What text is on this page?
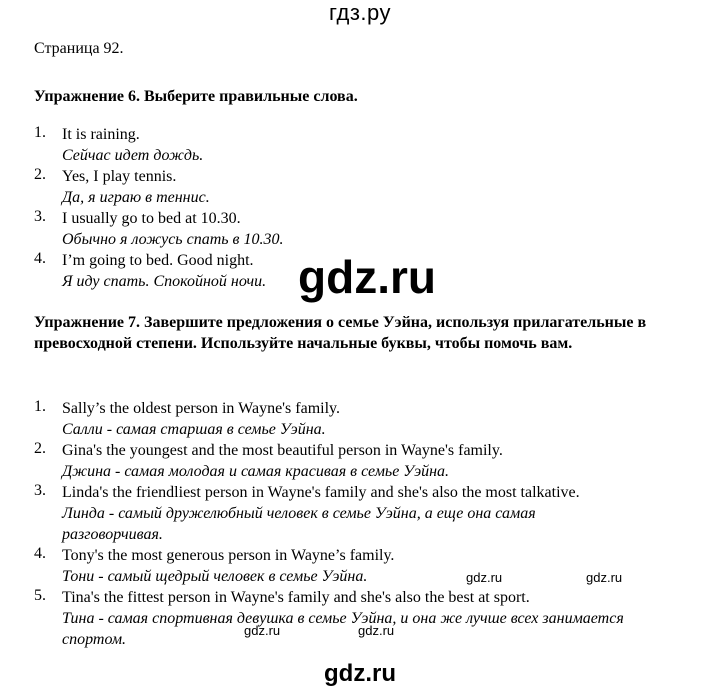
гдз.ру
Страница 92.
Упражнение 6. Выберите правильные слова.
1. It is raining.
Сейчас идет дождь.
2. Yes, I play tennis.
Да, я играю в теннис.
3. I usually go to bed at 10.30.
Обычно я ложусь спать в 10.30.
4. I’m going to bed. Good night.
Я иду спать. Спокойной ночи. gdz.ru
Упражнение 7. Завершите предложения о семье Уэйна, используя прилагательные в превосходной степени. Используйте начальные буквы, чтобы помочь вам.
1. Sally’s the oldest person in Wayne's family.
Салли - самая старшая в семье Уэйна.
2. Gina's the youngest and the most beautiful person in Wayne's family.
Джина - самая молодая и самая красивая в семье Уэйна.
3. Linda's the friendliest person in Wayne's family and she's also the most talkative.
Линда - самый дружелюбный человек в семье Уэйна, а еще она самая разговорчивая.
4. Tony's the most generous person in Wayne’s family.
Тони - самый щедрый человек в семье Уэйна.
5. Tina's the fittest person in Wayne's family and she's also the best at sport.
Тина - самая спортивная девушка в семье Уэйна, и она же лучше всех занимается спортом.
gdz.ru	gdz.ru
gdz.ru	gdz.ru
gdz.ru
